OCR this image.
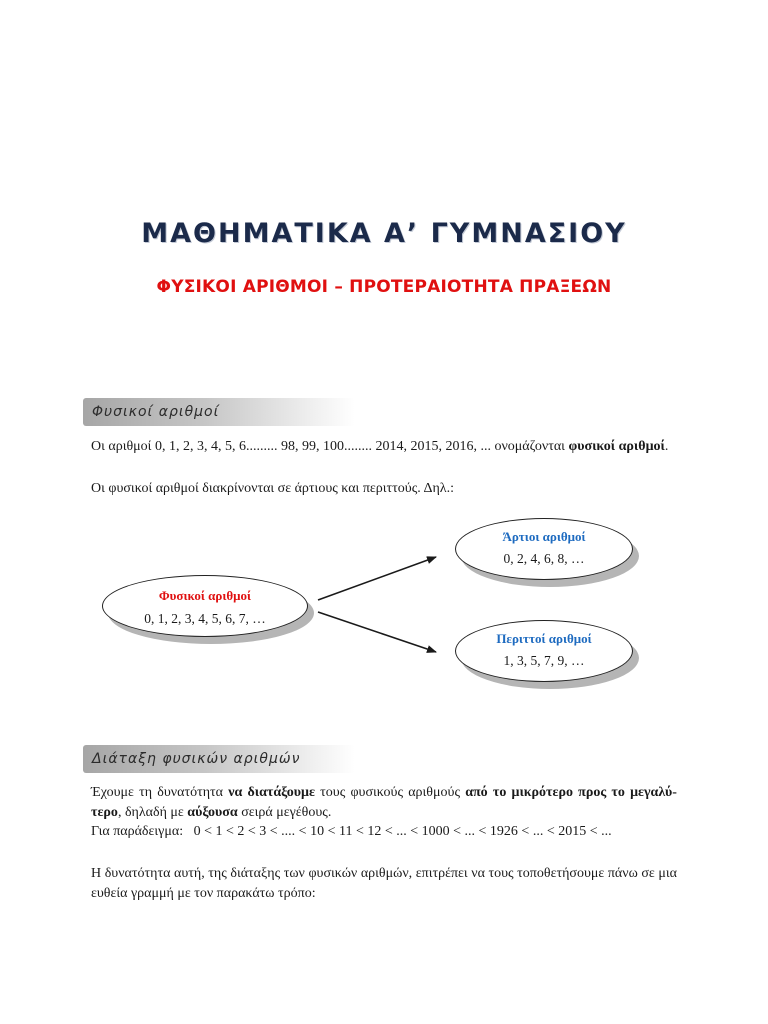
ΜΑΘΗΜΑΤΙΚΑ Α’ ΓΥΜΝΑΣΙΟΥ
ΦΥΣΙΚΟΙ ΑΡΙΘΜΟΙ – ΠΡΟΤΕΡΑΙΟΤΗΤΑ ΠΡΑΞΕΩΝ
Φυσικοί αριθμοί

Οι αριθμοί 0, 1, 2, 3, 4, 5, 6......... 98, 99, 100........ 2014, 2015, 2016, ... ονομάζονται φυσικοί αριθμοί.

Οι φυσικοί αριθμοί διακρίνονται σε άρτιους και περιττούς. Δηλ.:

Φυσικοί αριθμοί
0, 1, 2, 3, 4, 5, 6, 7, …
Άρτιοι αριθμοί
0, 2, 4, 6, 8, …
Περιττοί αριθμοί
1, 3, 5, 7, 9, …
Διάταξη φυσικών αριθμών

Έχουμε τη δυνατότητα να διατάξουμε τους φυσικούς αριθμούς από το μικρότερο προς το μεγαλύ-
τερο, δηλαδή με αύξουσα σειρά μεγέθους.
Για παράδειγμα: 0 < 1 < 2 < 3 < .... < 10 < 11 < 12 < ... < 1000 < ... < 1926 < ... < 2015 < ...

Η δυνατότητα αυτή, της διάταξης των φυσικών αριθμών, επιτρέπει να τους τοποθετήσουμε πάνω σε μια ευθεία γραμμή με τον παρακάτω τρόπο:
